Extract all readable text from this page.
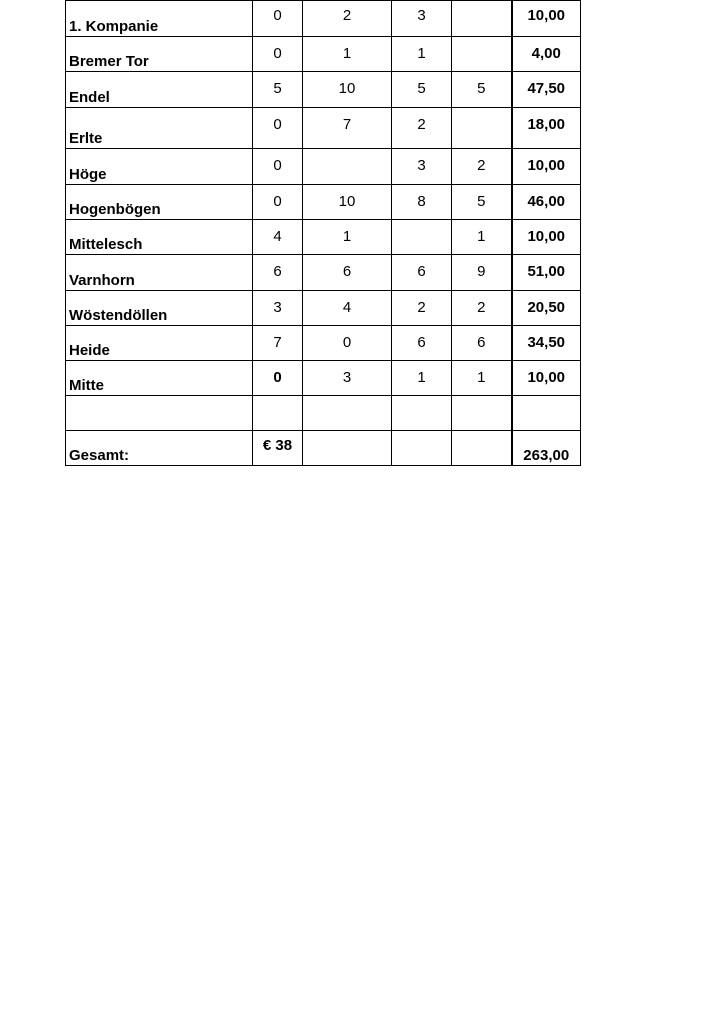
1. Kompanie	0	2	3		10,00
Bremer Tor	0	1	1		4,00
Endel	5	10	5	5	47,50
Erlte	0	7	2		18,00
Höge	0		3	2	10,00
Hogenbögen	0	10	8	5	46,00
Mittelesch	4	1		1	10,00
Varnhorn	6	6	6	9	51,00
Wöstendöllen	3	4	2	2	20,50
Heide	7	0	6	6	34,50
Mitte	0	3	1	1	10,00

Gesamt:	€ 38				263,00
